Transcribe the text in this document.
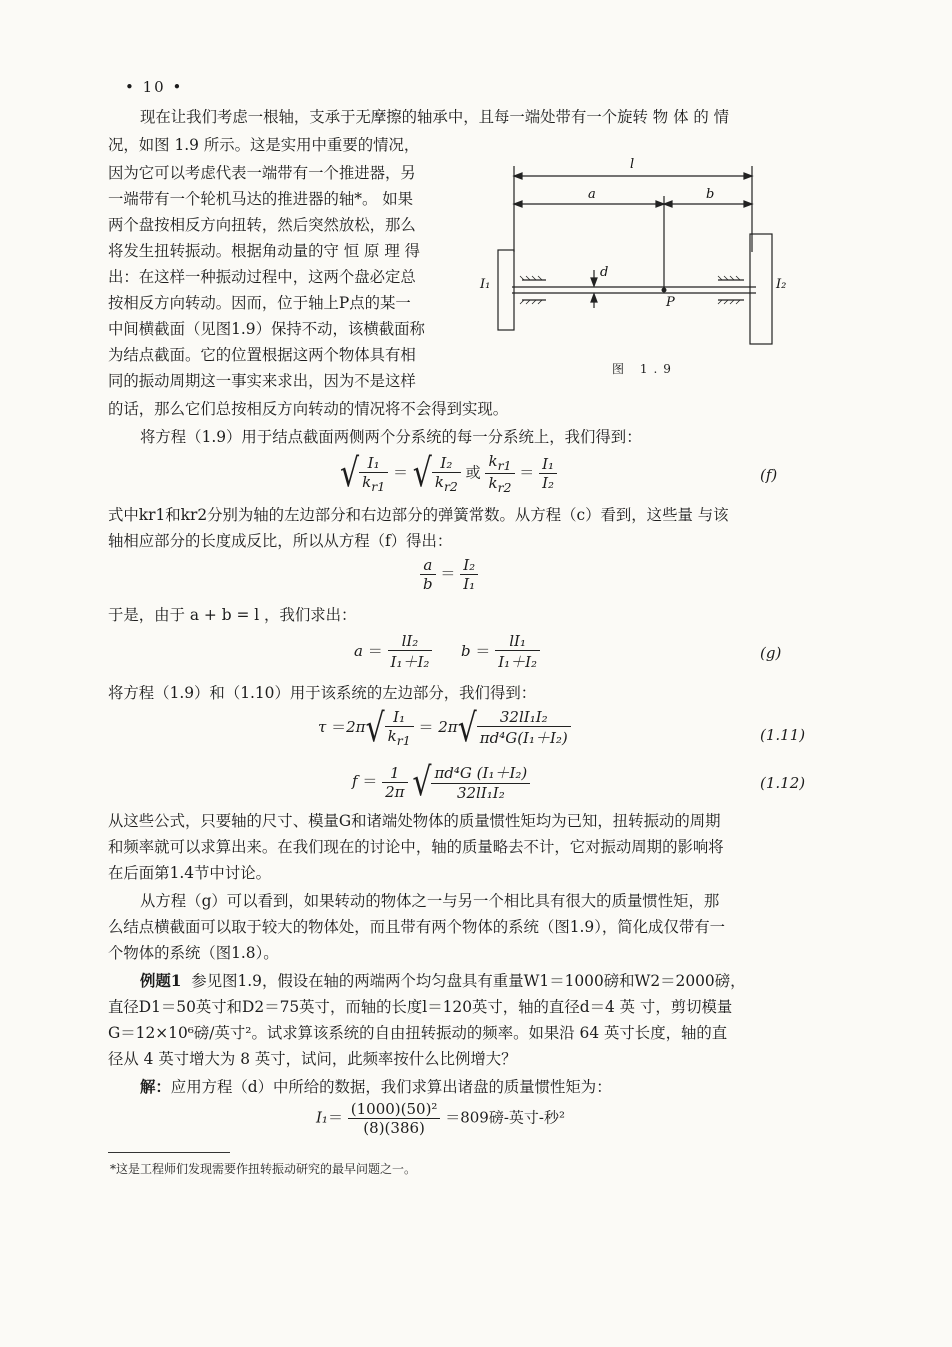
• 10 •
现在让我们考虑一根轴，支承于无摩擦的轴承中，且每一端处带有一个旋转 物 体 的 情
况，如图 1.9 所示。这是实用中重要的情况，
因为它可以考虑代表一端带有一个推进器，另
一端带有一个轮机马达的推进器的轴*。 如果
两个盘按相反方向扭转，然后突然放松，那么
将发生扭转振动。根据角动量的守 恒 原 理 得
出：在这样一种振动过程中，这两个盘必定总
按相反方向转动。因而，位于轴上P点的某一
中间横截面（见图1.9）保持不动，该横截面称
为结点截面。它的位置根据这两个物体具有相
同的振动周期这一事实来求出，因为不是这样
的话，那么它们总按相反方向转动的情况将不会得到实现。
l
a	b
d
I₁	I₂
P
图 1.9
将方程（1.9）用于结点截面两侧两个分系统的每一分系统上，我们得到：
√ $\frac{\text{I₁}}{k_{r1}}$ ＝ √ $\frac{\text{I₂}}{k_{r2}}$ 或 $\frac{k_{r1}}{k_{r2}} = \frac{\text{I₁}}{\text{I₂}}$	(f)
式中kr1和kr2分别为轴的左边部分和右边部分的弹簧常数。从方程（c）看到，这些量 与该
轴相应部分的长度成反比，所以从方程（f）得出：
$\frac{a}{b} = \frac{\text{I₂}}{\text{I₁}}$
于是，由于 a + b = l ，我们求出：
$a = \frac{\text{lI₂}}{\text{I₁＋I₂}}$ $b = \frac{\text{lI₁}}{\text{I₁＋I₂}}$	(g)
将方程（1.9）和（1.10）用于该系统的左边部分，我们得到：
$\tau =2\pi√ \frac{\text{I₁}}{k_{r1}} = 2\pi√ \frac{\text{32lI₁I₂}}{\text{πd⁴G(I₁＋I₂)}}$	(1.11)
$f = \frac{1}{2\pi}$ √ $\frac{\text{πd⁴G (I₁＋I₂)}}{\text{32lI₁I₂}}$	(1.12)
从这些公式，只要轴的尺寸、模量G和诸端处物体的质量惯性矩均为已知，扭转振动的周期
和频率就可以求算出来。在我们现在的讨论中，轴的质量略去不计，它对振动周期的影响将
在后面第1.4节中讨论。
从方程（g）可以看到，如果转动的物体之一与另一个相比具有很大的质量惯性矩，那
么结点横截面可以取于较大的物体处，而且带有两个物体的系统（图1.9），简化成仅带有一
个物体的系统（图1.8）。
例题1 参见图1.9，假设在轴的两端两个均匀盘具有重量W1＝1000磅和W2＝2000磅，
直径D1＝50英寸和D2＝75英寸，而轴的长度l＝120英寸，轴的直径d＝4 英 寸，剪切模量
G＝12×10⁶磅/英寸²。试求算该系统的自由扭转振动的频率。如果沿 64 英寸长度，轴的直
径从 4 英寸增大为 8 英寸，试问，此频率按什么比例增大？
解：应用方程（d）中所给的数据，我们求算出诸盘的质量惯性矩为：
$I_1= \frac{\text{(1000)(50)²}}{(8)(386)} =809$磅-英寸-秒²
*这是工程师们发现需要作扭转振动研究的最早问题之一。
